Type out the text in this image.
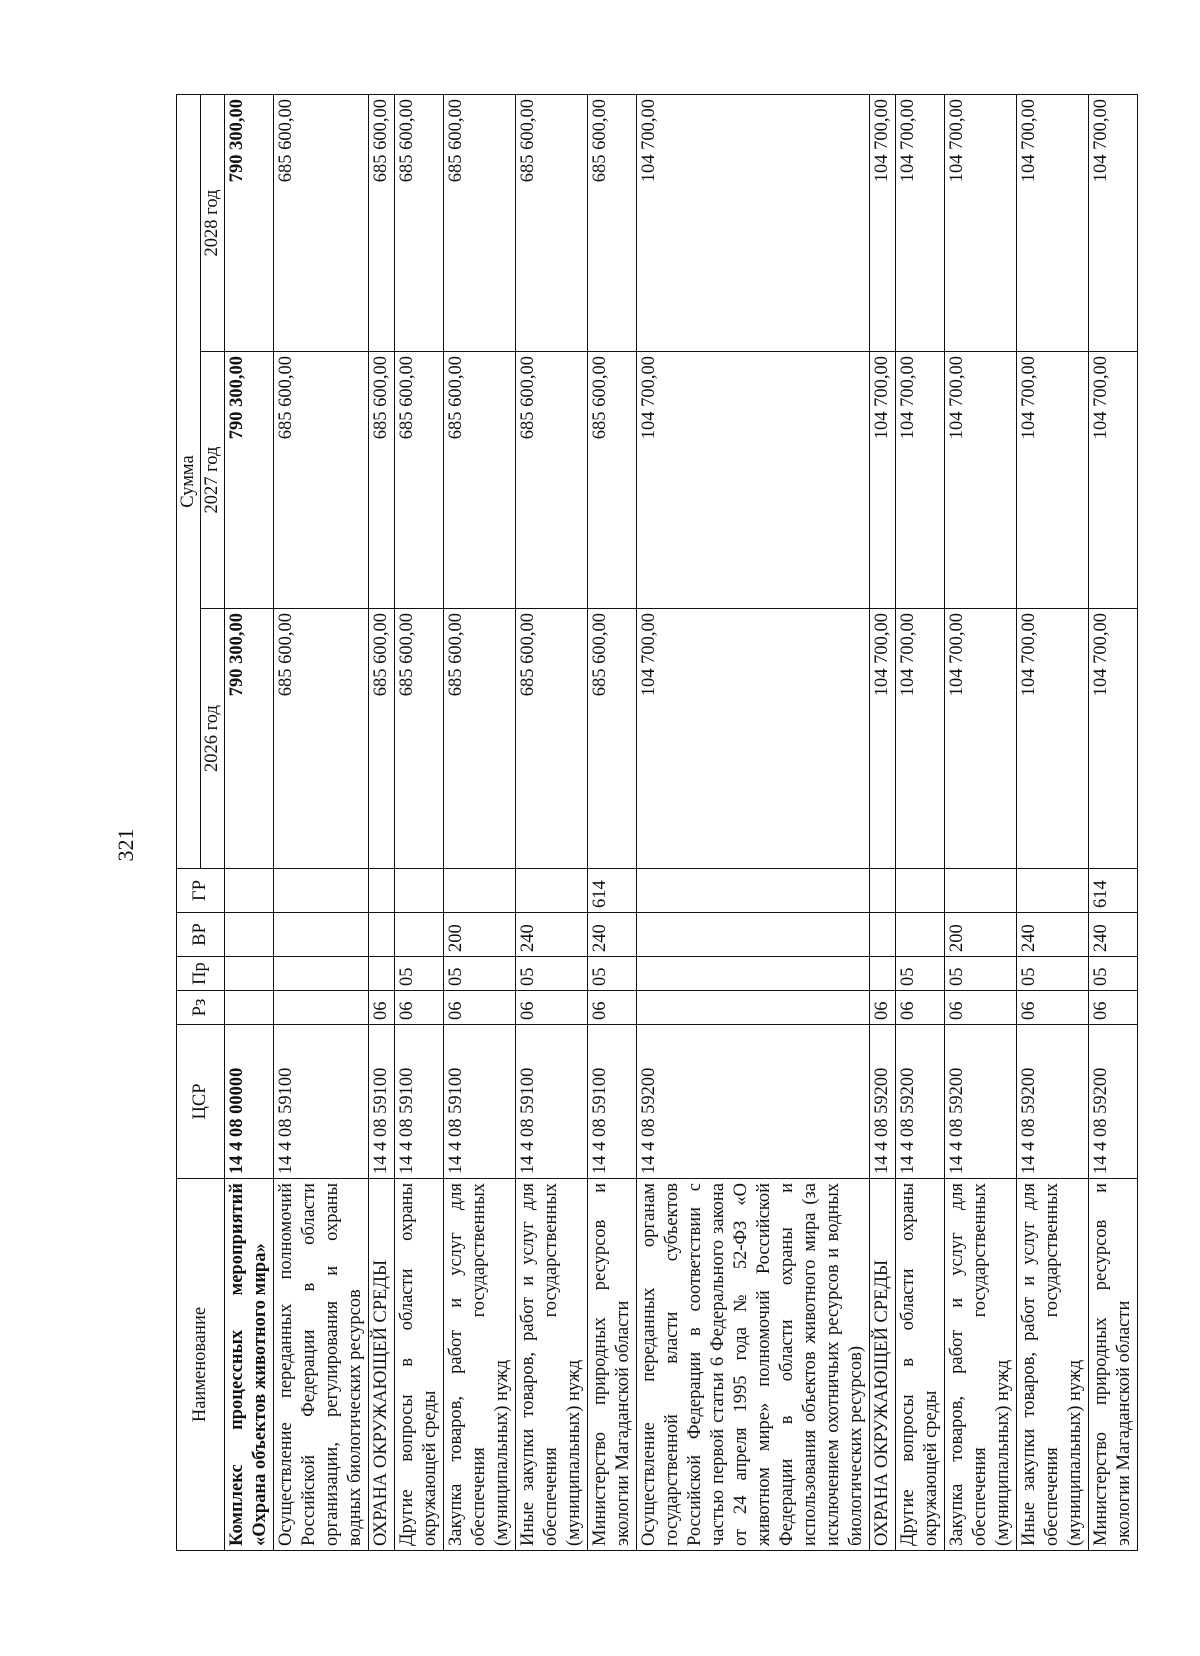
321
Наименование	ЦСР	Рз	Пр	ВР	ГР	Сумма		
						2026 год	2027 год	2028 год
Комплекс процессных мероприятий «Охрана объектов животного мира»	14 4 08 00000					790 300,00	790 300,00	790 300,00
Осуществление переданных полномочий Российской Федерации в области организации, регулирования и охраны водных биологических ресурсов	14 4 08 59100					685 600,00	685 600,00	685 600,00
ОХРАНА ОКРУЖАЮЩЕЙ СРЕДЫ	14 4 08 59100	06				685 600,00	685 600,00	685 600,00
Другие вопросы в области охраны окружающей среды	14 4 08 59100	06	05			685 600,00	685 600,00	685 600,00
Закупка товаров, работ и услуг для обеспечения государственных (муниципальных) нужд	14 4 08 59100	06	05	200		685 600,00	685 600,00	685 600,00
Иные закупки товаров, работ и услуг для обеспечения государственных (муниципальных) нужд	14 4 08 59100	06	05	240		685 600,00	685 600,00	685 600,00
Министерство природных ресурсов и экологии Магаданской области	14 4 08 59100	06	05	240	614	685 600,00	685 600,00	685 600,00
Осуществление переданных органам государственной власти субъектов Российской Федерации в соответствии с частью первой статьи 6 Федерального закона от 24 апреля 1995 года № 52-ФЗ «О животном мире» полномочий Российской Федерации в области охраны и использования объектов животного мира (за исключением охотничьих ресурсов и водных биологических ресурсов)	14 4 08 59200					104 700,00	104 700,00	104 700,00
ОХРАНА ОКРУЖАЮЩЕЙ СРЕДЫ	14 4 08 59200	06				104 700,00	104 700,00	104 700,00
Другие вопросы в области охраны окружающей среды	14 4 08 59200	06	05			104 700,00	104 700,00	104 700,00
Закупка товаров, работ и услуг для обеспечения государственных (муниципальных) нужд	14 4 08 59200	06	05	200		104 700,00	104 700,00	104 700,00
Иные закупки товаров, работ и услуг для обеспечения государственных (муниципальных) нужд	14 4 08 59200	06	05	240		104 700,00	104 700,00	104 700,00
Министерство природных ресурсов и экологии Магаданской области	14 4 08 59200	06	05	240	614	104 700,00	104 700,00	104 700,00
